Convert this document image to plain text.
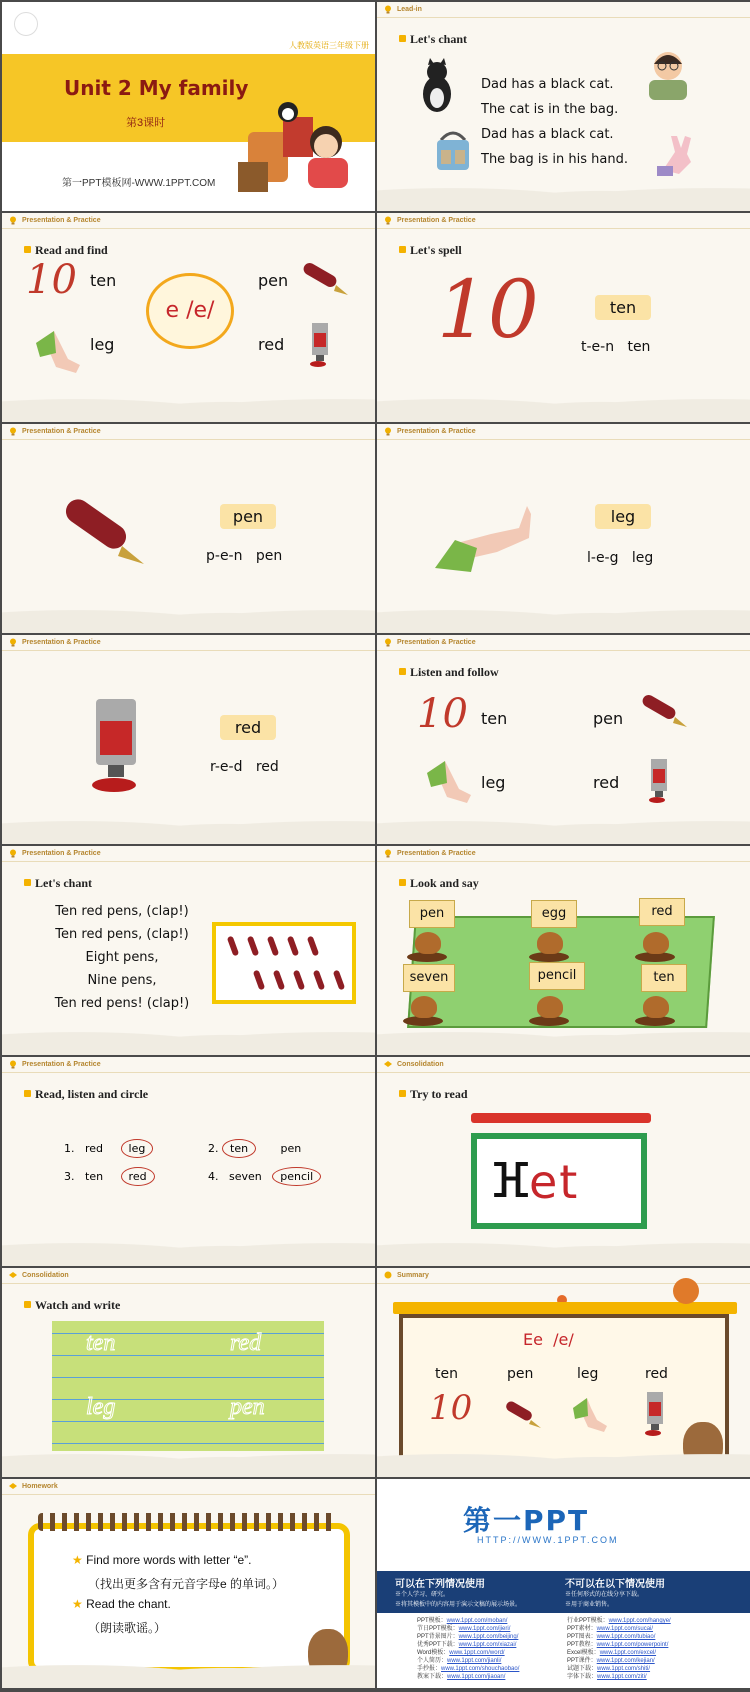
人教版英语三年级下册
Unit 2 My family
第3课时
第一PPT模板网-WWW.1PPT.COM
Lead-in
Let's chant
Dad has a black cat.
The cat is in the bag.
Dad has a black cat.
The bag is in his hand.
Presentation & Practice
Read and find
10 ten
leg
e /e/
pen
red
Presentation & Practice
Let's spell
10	ten
t-e-n ten
Presentation & Practice
pen
p-e-n pen
Presentation & Practice
leg
l-e-g leg
Presentation & Practice
red
r-e-d red
Presentation & Practice
Listen and follow
10 ten
leg
pen
red
Presentation & Practice
Let's chant
Ten red pens, (clap!)
Ten red pens, (clap!)
Eight pens,
Nine pens,
Ten red pens! (clap!)
Presentation & Practice
Look and say
pen	egg	red
seven	pencil	ten
Presentation & Practice
Read, listen and circle
1. red leg	2. ten	pen
3. ten red	4. seven pencil
Consolidation
Try to read
ⴼ
et
Consolidation
Watch and write
ten	red
leg	pen
Summary
Ee  /e/
ten	pen	leg	red
10
Homework
★ Find more words with letter “e”.
（找出更多含有元音字母e 的单词。）
★ Read the chant.
（朗读歌谣。）
第一PPT
HTTP://WWW.1PPT.COM
可以在下列情况使用
※个人学习、研究。
※将其模板中的内容用于演示文稿的展示场景。
不可以在以下情况使用
※任何形式的在线分享下载。
※用于商业销售。
PPT模板：www.1ppt.com/moban/
节日PPT模板：www.1ppt.com/jieri/
PPT背景图片：www.1ppt.com/beijing/
优秀PPT下载：www.1ppt.com/xiazai/
Word模板：www.1ppt.com/word/
个人简历：www.1ppt.com/jianli/
手抄报：www.1ppt.com/shouchaobao/
教案下载：www.1ppt.com/jiaoan/
行业PPT模板：www.1ppt.com/hangye/
PPT素材：www.1ppt.com/sucai/
PPT图表：www.1ppt.com/tubiao/
PPT教程：www.1ppt.com/powerpoint/
Excel模板：www.1ppt.com/excel/
PPT课件：www.1ppt.com/kejian/
试题下载：www.1ppt.com/shiti/
字体下载：www.1ppt.com/ziti/
